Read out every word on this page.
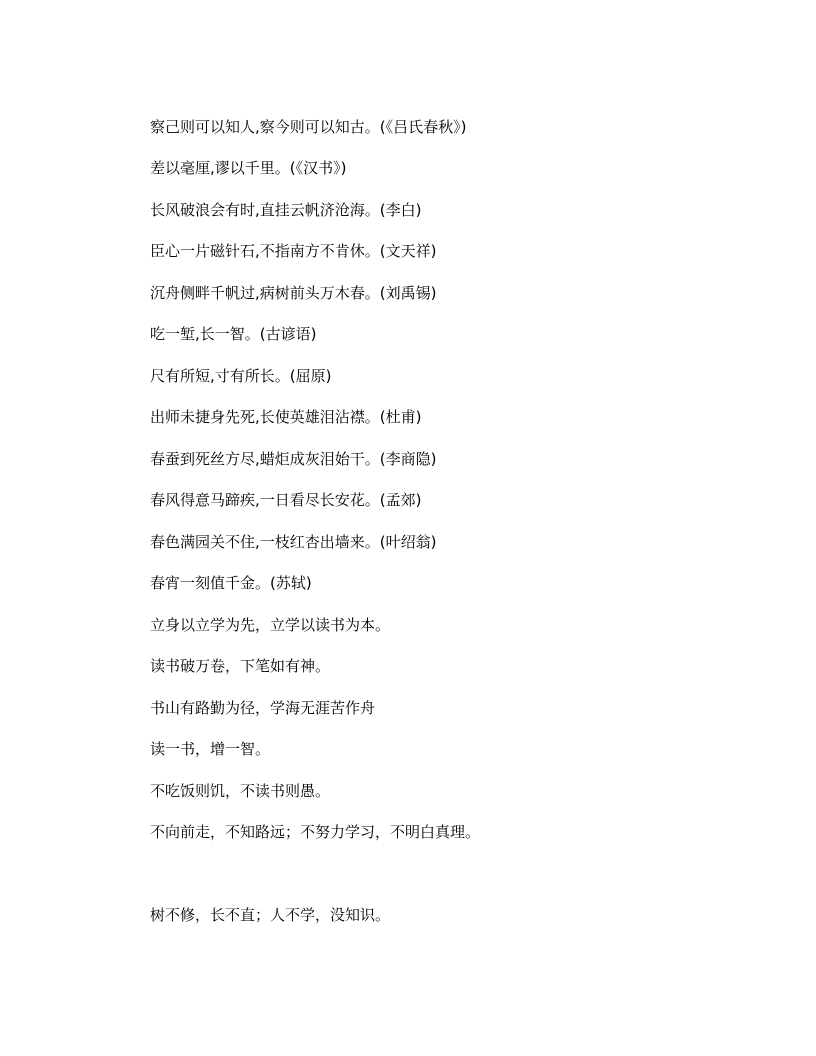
察己则可以知人,察今则可以知古。(《吕氏春秋》)
差以毫厘,谬以千里。(《汉书》)
长风破浪会有时,直挂云帆济沧海。(李白)
臣心一片磁针石,不指南方不肯休。(文天祥)
沉舟侧畔千帆过,病树前头万木春。(刘禹锡)
吃一堑,长一智。(古谚语)
尺有所短,寸有所长。(屈原)
出师未捷身先死,长使英雄泪沾襟。(杜甫)
春蚕到死丝方尽,蜡炬成灰泪始干。(李商隐)
春风得意马蹄疾,一日看尽长安花。(孟郊)
春色满园关不住,一枝红杏出墙来。(叶绍翁)
春宵一刻值千金。(苏轼)
立身以立学为先，立学以读书为本。
读书破万卷，下笔如有神。
书山有路勤为径，学海无涯苦作舟
读一书，增一智。
不吃饭则饥，不读书则愚。
不向前走，不知路远；不努力学习，不明白真理。
树不修，长不直；人不学，没知识。
